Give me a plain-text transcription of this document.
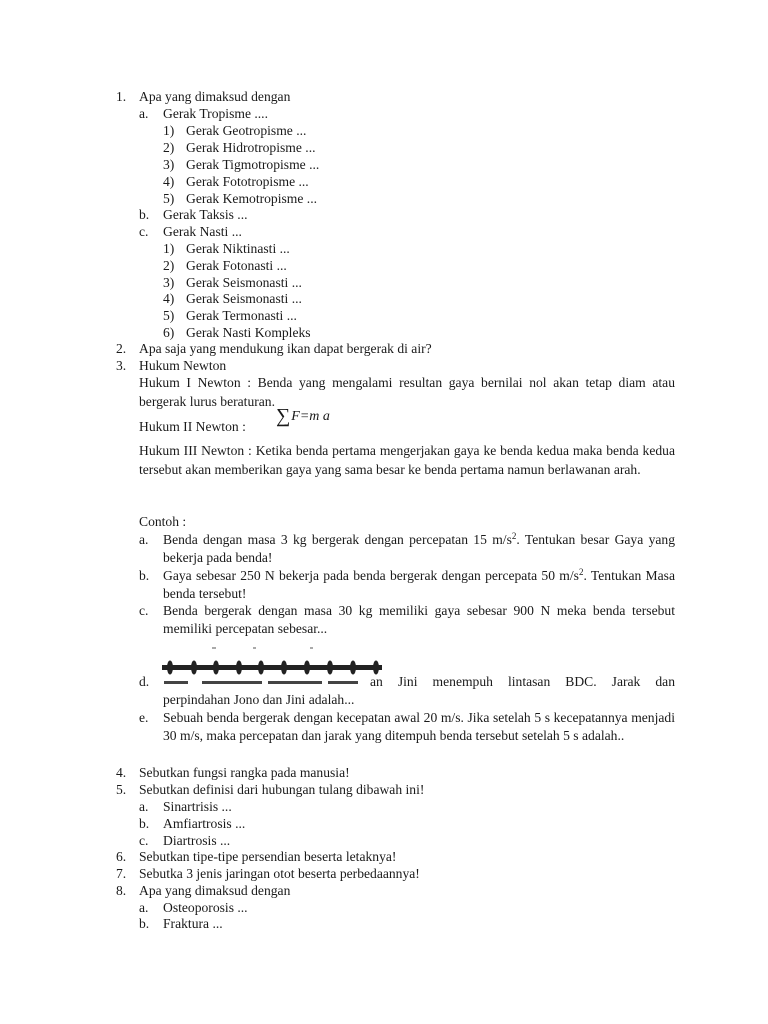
1. Apa yang dimaksud dengan
a. Gerak Tropisme ....
1) Gerak Geotropisme ...
2) Gerak Hidrotropisme ...
3) Gerak Tigmotropisme ...
4) Gerak Fototropisme ...
5) Gerak Kemotropisme ...
b. Gerak Taksis ...
c. Gerak Nasti ...
1) Gerak Niktinasti ...
2) Gerak Fotonasti ...
3) Gerak Seismonasti ...
4) Gerak Seismonasti ...
5) Gerak Termonasti ...
6) Gerak Nasti Kompleks
2. Apa saja yang mendukung ikan dapat bergerak di air?
3. Hukum Newton
Hukum I Newton : Benda yang mengalami resultan gaya bernilai nol akan tetap diam atau bergerak lurus beraturan.
Hukum II Newton : ∑F=m a
Hukum III Newton : Ketika benda pertama mengerjakan gaya ke benda kedua maka benda kedua tersebut akan memberikan gaya yang sama besar ke benda pertama namun berlawanan arah.
Contoh :
a. Benda dengan masa 3 kg bergerak dengan percepatan 15 $m/s^2$. Tentukan besar Gaya yang bekerja pada benda!
b. Gaya sebesar 250 N bekerja pada benda bergerak dengan percepata 50 $m/s^2$. Tentukan Masa benda tersebut!
c. Benda bergerak dengan masa 30 kg memiliki gaya sebesar 900 N meka benda tersebut memiliki percepatan sebesar...
d.	an Jini menempuh lintasan BDC. Jarak dan
perpindahan Jono dan Jini adalah...
e. Sebuah benda bergerak dengan kecepatan awal 20 m/s. Jika setelah 5 s kecepatannya menjadi 30 m/s, maka percepatan dan jarak yang ditempuh benda tersebut setelah 5 s adalah..
4. Sebutkan fungsi rangka pada manusia!
5. Sebutkan definisi dari hubungan tulang dibawah ini!
a. Sinartrisis ...
b. Amfiartrosis ...
c. Diartrosis ...
6. Sebutkan tipe-tipe persendian beserta letaknya!
7. Sebutka 3 jenis jaringan otot beserta perbedaannya!
8. Apa yang dimaksud dengan
a. Osteoporosis ...
b. Fraktura ...
